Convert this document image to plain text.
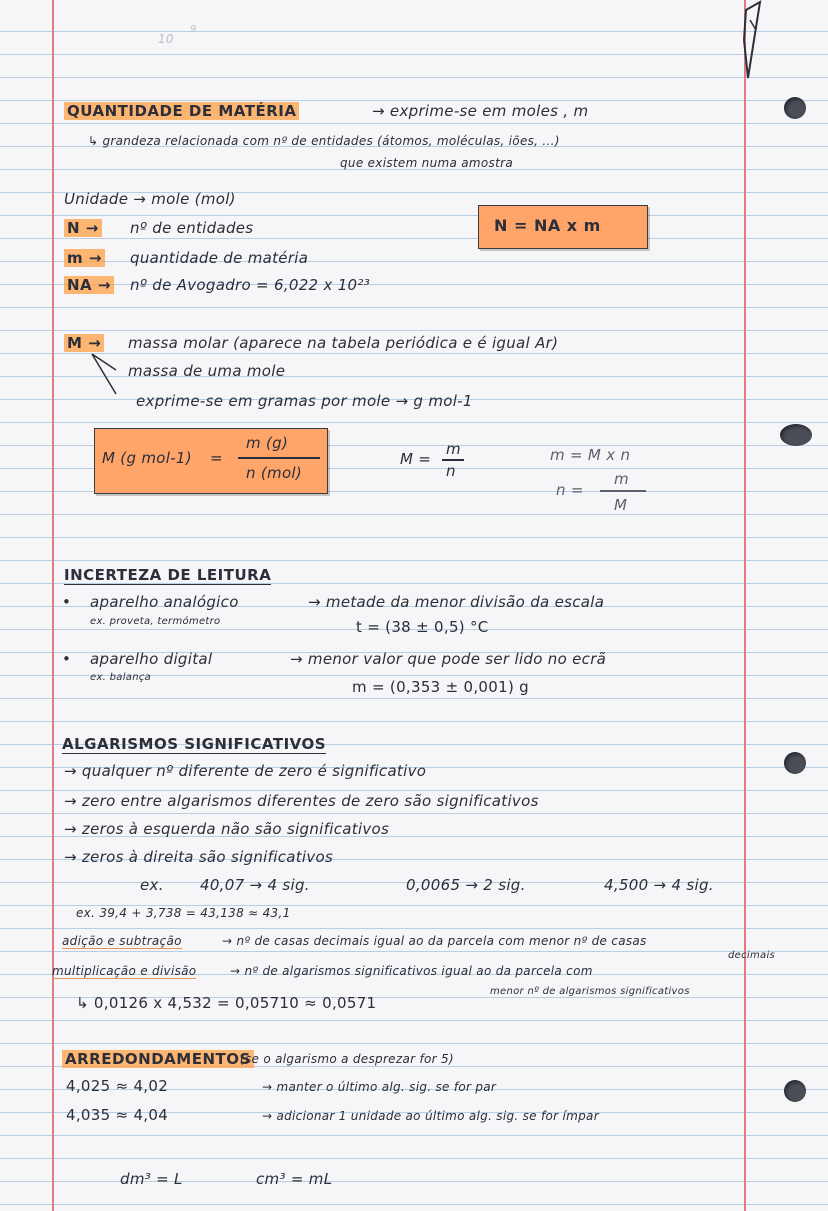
10
9
QUANTIDADE DE MATÉRIA	→ exprime-se em moles , m
↳ grandeza relacionada com nº de entidades (átomos, moléculas, iões, ...)
que existem numa amostra
Unidade → mole (mol)
N → nº de entidades
m → quantidade de matéria
NA → nº de Avogadro = 6,022 x 10²³
N = NA x m
M → massa molar (aparece na tabela periódica e é igual Ar)
massa de uma mole
exprime-se em gramas por mole → g mol-1
M (g mol-1) =
m (g)
n (mol)
M =
m
n
m = M x n
n =
m
M
INCERTEZA DE LEITURA
• aparelho analógico
ex. proveta, termómetro
→ metade da menor divisão da escala
t = (38 ± 0,5) °C
• aparelho digital
ex. balança
→ menor valor que pode ser lido no ecrã
m = (0,353 ± 0,001) g
ALGARISMOS SIGNIFICATIVOS
→ qualquer nº diferente de zero é significativo
→ zero entre algarismos diferentes de zero são significativos
→ zeros à esquerda não são significativos
→ zeros à direita são significativos
ex. 40,07 → 4 sig.	0,0065 → 2 sig.	4,500 → 4 sig.
ex. 39,4 + 3,738 = 43,138 ≈ 43,1
adição e subtração	→ nº de casas decimais igual ao da parcela com menor nº de casas
decimais
multiplicação e divisão	→ nº de algarismos significativos igual ao da parcela com
menor nº de algarismos significativos
↳ 0,0126 x 4,532 = 0,05710 ≈ 0,0571
ARREDONDAMENTOS
(se o algarismo a desprezar for 5)
4,025 ≈ 4,02	→ manter o último alg. sig. se for par
4,035 ≈ 4,04	→ adicionar 1 unidade ao último alg. sig. se for ímpar
dm³ = L	cm³ = mL
